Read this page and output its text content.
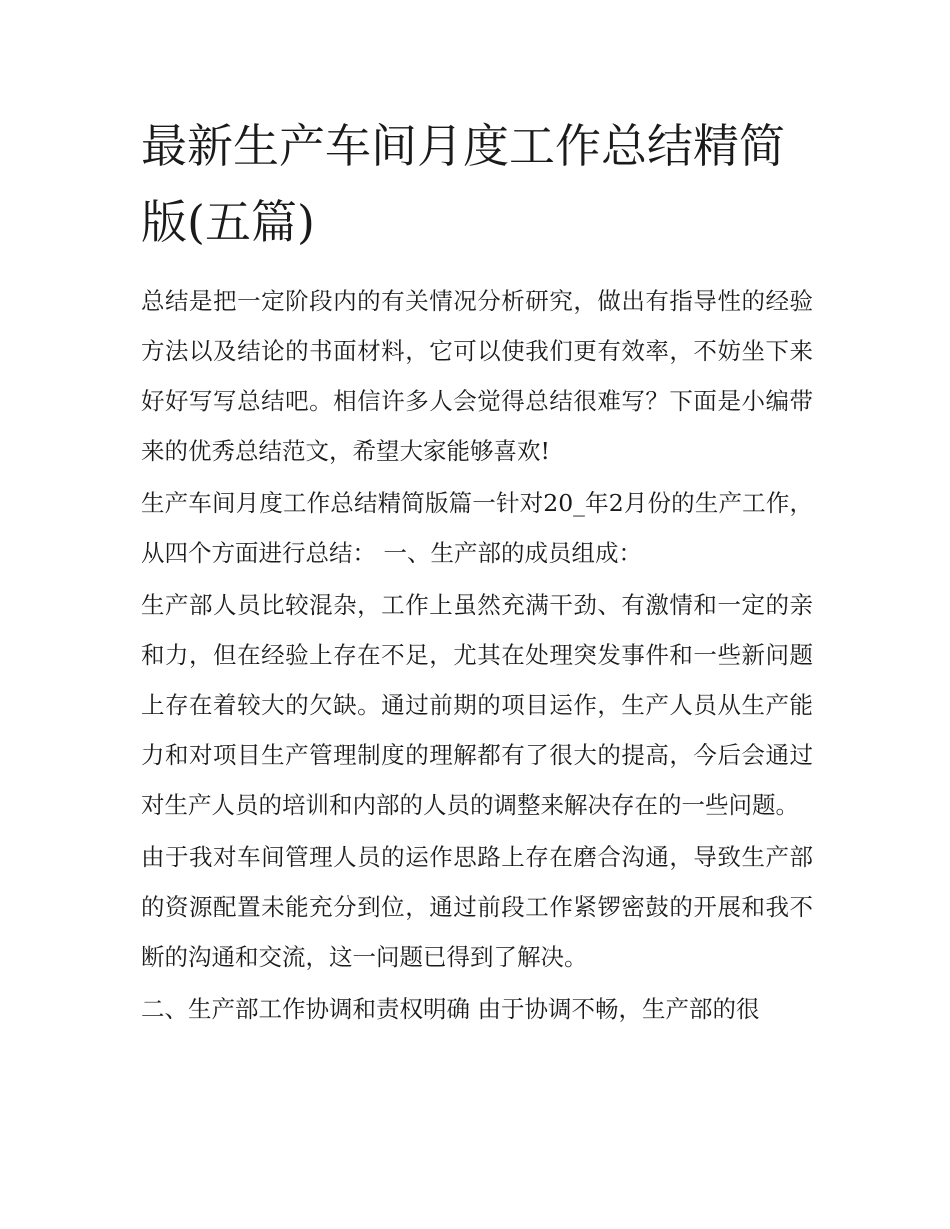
最新生产车间月度工作总结精简版(五篇)

总结是把一定阶段内的有关情况分析研究，做出有指导性的经验方法以及结论的书面材料，它可以使我们更有效率，不妨坐下来好好写写总结吧。相信许多人会觉得总结很难写？下面是小编带来的优秀总结范文，希望大家能够喜欢!

生产车间月度工作总结精简版篇一针对20_年2月份的生产工作，从四个方面进行总结： 一、生产部的成员组成：

生产部人员比较混杂，工作上虽然充满干劲、有激情和一定的亲和力，但在经验上存在不足，尤其在处理突发事件和一些新问题上存在着较大的欠缺。通过前期的项目运作，生产人员从生产能力和对项目生产管理制度的理解都有了很大的提高，今后会通过对生产人员的培训和内部的人员的调整来解决存在的一些问题。

由于我对车间管理人员的运作思路上存在磨合沟通，导致生产部的资源配置未能充分到位，通过前段工作紧锣密鼓的开展和我不断的沟通和交流，这一问题已得到了解决。

二、生产部工作协调和责权明确 由于协调不畅，生产部的很
